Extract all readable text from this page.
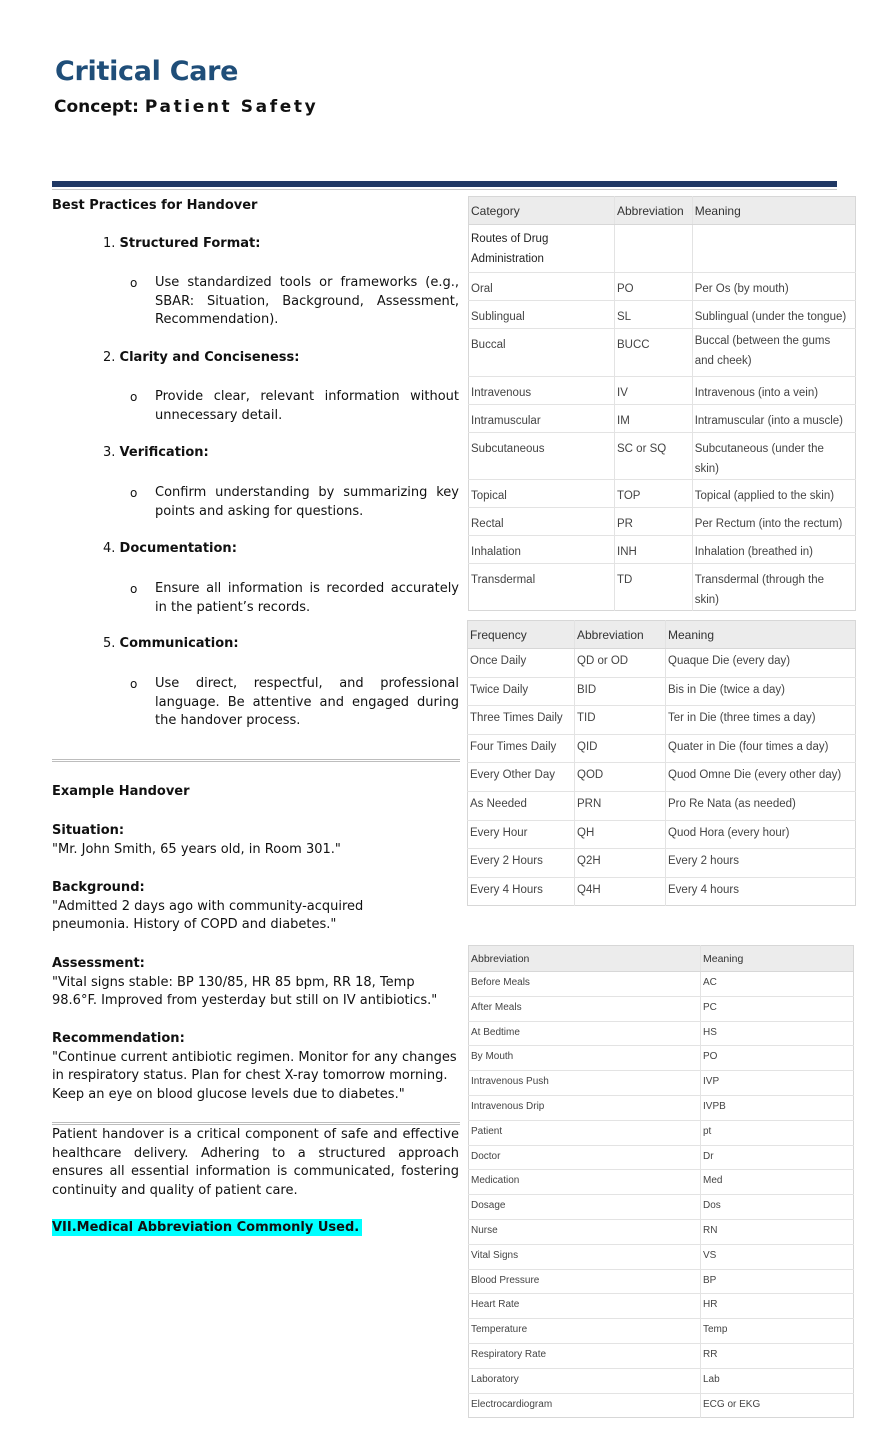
Critical Care
Concept: Patient Safety
Best Practices for Handover
1. Structured Format:
o Use standardized tools or frameworks (e.g., SBAR: Situation, Background, Assessment, Recommendation).
2. Clarity and Conciseness:
o Provide clear, relevant information without unnecessary detail.
3. Verification:
o Confirm understanding by summarizing key points and asking for questions.
4. Documentation:
o Ensure all information is recorded accurately in the patient’s records.
5. Communication:
o Use direct, respectful, and professional language. Be attentive and engaged during the handover process.
Example Handover
Situation:
"Mr. John Smith, 65 years old, in Room 301."
Background:
"Admitted 2 days ago with community-acquired pneumonia. History of COPD and diabetes."
Assessment:
"Vital signs stable: BP 130/85, HR 85 bpm, RR 18, Temp 98.6°F. Improved from yesterday but still on IV antibiotics."
Recommendation:
"Continue current antibiotic regimen. Monitor for any changes in respiratory status. Plan for chest X-ray tomorrow morning. Keep an eye on blood glucose levels due to diabetes."
Patient handover is a critical component of safe and effective healthcare delivery. Adhering to a structured approach ensures all essential information is communicated, fostering continuity and quality of patient care.
VII.Medical Abbreviation Commonly Used.
Category	Abbreviation	Meaning
Routes of Drug Administration		
Oral	PO	Per Os (by mouth)
Sublingual	SL	Sublingual (under the tongue)
Buccal	BUCC	Buccal (between the gums and cheek)
Intravenous	IV	Intravenous (into a vein)
Intramuscular	IM	Intramuscular (into a muscle)
Subcutaneous	SC or SQ	Subcutaneous (under the skin)
Topical	TOP	Topical (applied to the skin)
Rectal	PR	Per Rectum (into the rectum)
Inhalation	INH	Inhalation (breathed in)
Transdermal	TD	Transdermal (through the skin)
Frequency	Abbreviation	Meaning
Once Daily	QD or OD	Quaque Die (every day)
Twice Daily	BID	Bis in Die (twice a day)
Three Times Daily	TID	Ter in Die (three times a day)
Four Times Daily	QID	Quater in Die (four times a day)
Every Other Day	QOD	Quod Omne Die (every other day)
As Needed	PRN	Pro Re Nata (as needed)
Every Hour	QH	Quod Hora (every hour)
Every 2 Hours	Q2H	Every 2 hours
Every 4 Hours	Q4H	Every 4 hours
Abbreviation	Meaning
Before Meals	AC
After Meals	PC
At Bedtime	HS
By Mouth	PO
Intravenous Push	IVP
Intravenous Drip	IVPB
Patient	pt
Doctor	Dr
Medication	Med
Dosage	Dos
Nurse	RN
Vital Signs	VS
Blood Pressure	BP
Heart Rate	HR
Temperature	Temp
Respiratory Rate	RR
Laboratory	Lab
Electrocardiogram	ECG or EKG
